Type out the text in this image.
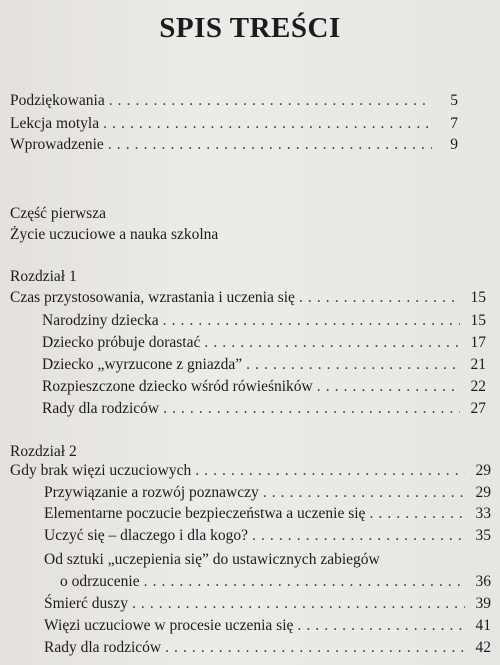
SPIS TREŚCI
Podziękowania . . .	5
Lekcja motyla . . .	7
Wprowadzenie . . .	9
Część pierwsza
Życie uczuciowe a nauka szkolna
Rozdział 1
Czas przystosowania, wzrastania i uczenia się . . .	15
Narodziny dziecka . . .	15
Dziecko próbuje dorastać . . .	17
Dziecko „wyrzucone z gniazda” . . .	21
Rozpieszczone dziecko wśród rówieśników . . .	22
Rady dla rodziców . . .	27
Rozdział 2
Gdy brak więzi uczuciowych . . .	29
Przywiązanie a rozwój poznawczy . . .	29
Elementarne poczucie bezpieczeństwa a uczenie się . . .	33
Uczyć się – dlaczego i dla kogo? . . .	35
Od sztuki „uczepienia się” do ustawicznych zabiegów
o odrzucenie . . .	36
Śmierć duszy . . .	39
Więzi uczuciowe w procesie uczenia się . . .	41
Rady dla rodziców . . .	42
